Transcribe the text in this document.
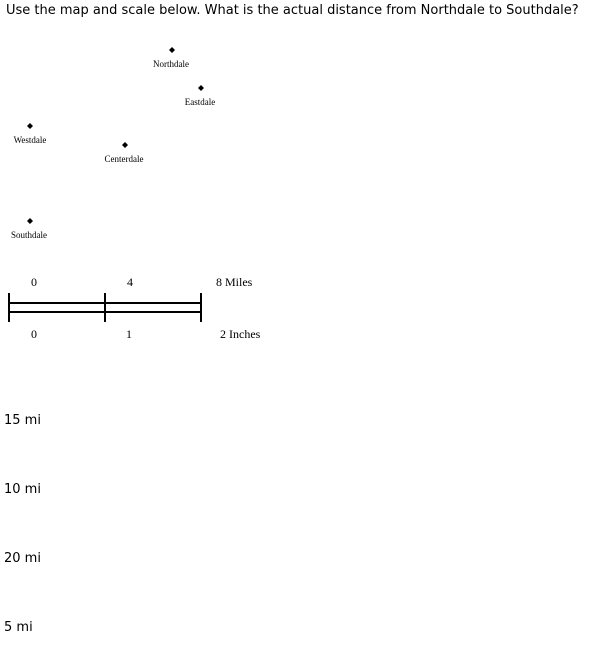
Use the map and scale below. What is the actual distance from Northdale to Southdale?
Northdale
Eastdale
Westdale
Centerdale
Southdale
0	4	8 Miles
0	1	2 Inches
15 mi
10 mi
20 mi
5 mi
